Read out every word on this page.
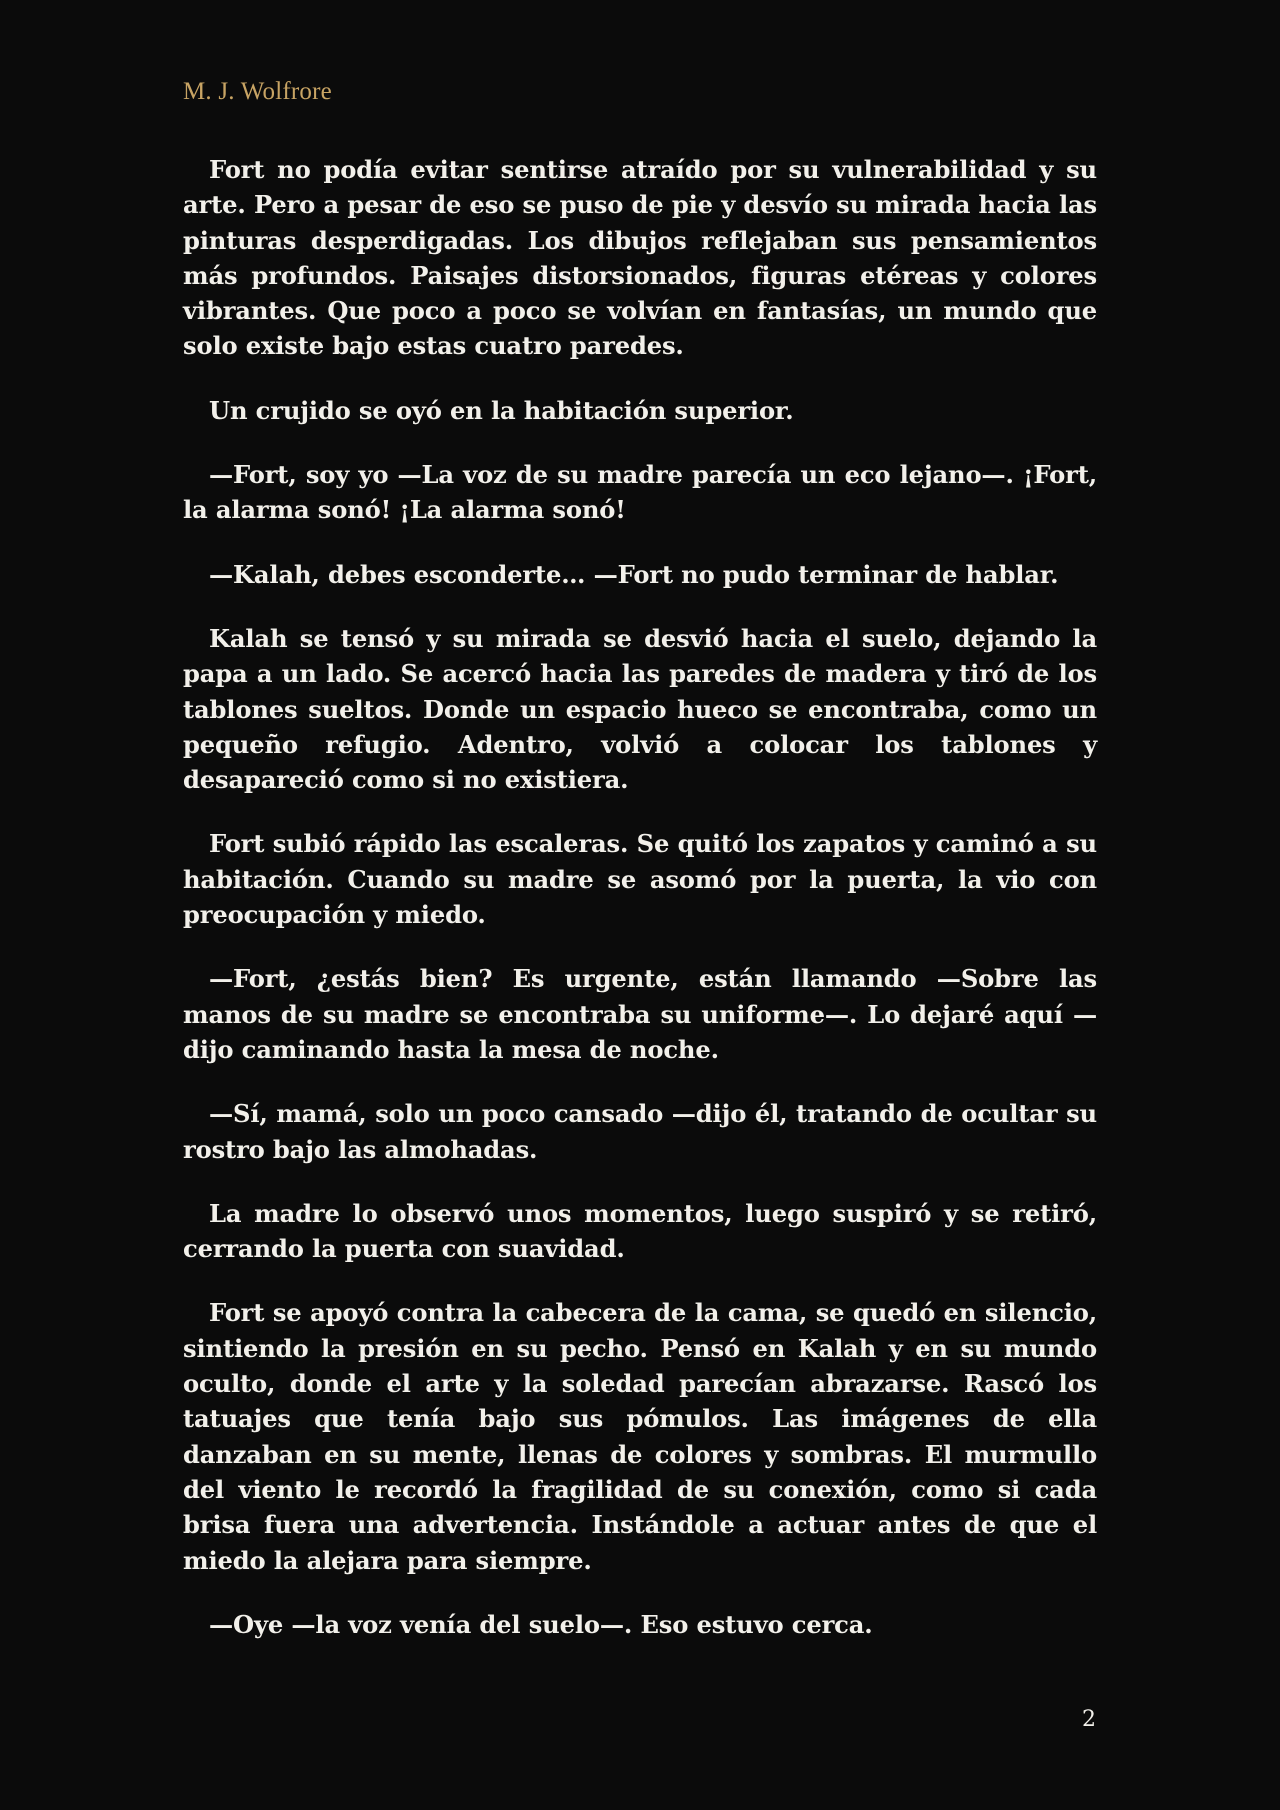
M. J. Wolfrore

Fort no podía evitar sentirse atraído por su vulnerabilidad y su arte. Pero a pesar de eso se puso de pie y desvío su mirada hacia las pinturas desperdigadas. Los dibujos reflejaban sus pensamientos más profundos. Paisajes distorsionados, figuras etéreas y colores vibrantes. Que poco a poco se volvían en fantasías, un mundo que solo existe bajo estas cuatro paredes.

Un crujido se oyó en la habitación superior.

—Fort, soy yo —La voz de su madre parecía un eco lejano—. ¡Fort, la alarma sonó! ¡La alarma sonó!

—Kalah, debes esconderte… —Fort no pudo terminar de hablar.

Kalah se tensó y su mirada se desvió hacia el suelo, dejando la papa a un lado. Se acercó hacia las paredes de madera y tiró de los tablones sueltos. Donde un espacio hueco se encontraba, como un pequeño refugio. Adentro, volvió a colocar los tablones y desapareció como si no existiera.

Fort subió rápido las escaleras. Se quitó los zapatos y caminó a su habitación. Cuando su madre se asomó por la puerta, la vio con preocupación y miedo.

—Fort, ¿estás bien? Es urgente, están llamando —Sobre las manos de su madre se encontraba su uniforme—. Lo dejaré aquí —dijo caminando hasta la mesa de noche.

—Sí, mamá, solo un poco cansado —dijo él, tratando de ocultar su rostro bajo las almohadas.

La madre lo observó unos momentos, luego suspiró y se retiró, cerrando la puerta con suavidad.

Fort se apoyó contra la cabecera de la cama, se quedó en silencio, sintiendo la presión en su pecho. Pensó en Kalah y en su mundo oculto, donde el arte y la soledad parecían abrazarse. Rascó los tatuajes que tenía bajo sus pómulos. Las imágenes de ella danzaban en su mente, llenas de colores y sombras. El murmullo del viento le recordó la fragilidad de su conexión, como si cada brisa fuera una advertencia. Instándole a actuar antes de que el miedo la alejara para siempre.

—Oye —la voz venía del suelo—. Eso estuvo cerca.

2
